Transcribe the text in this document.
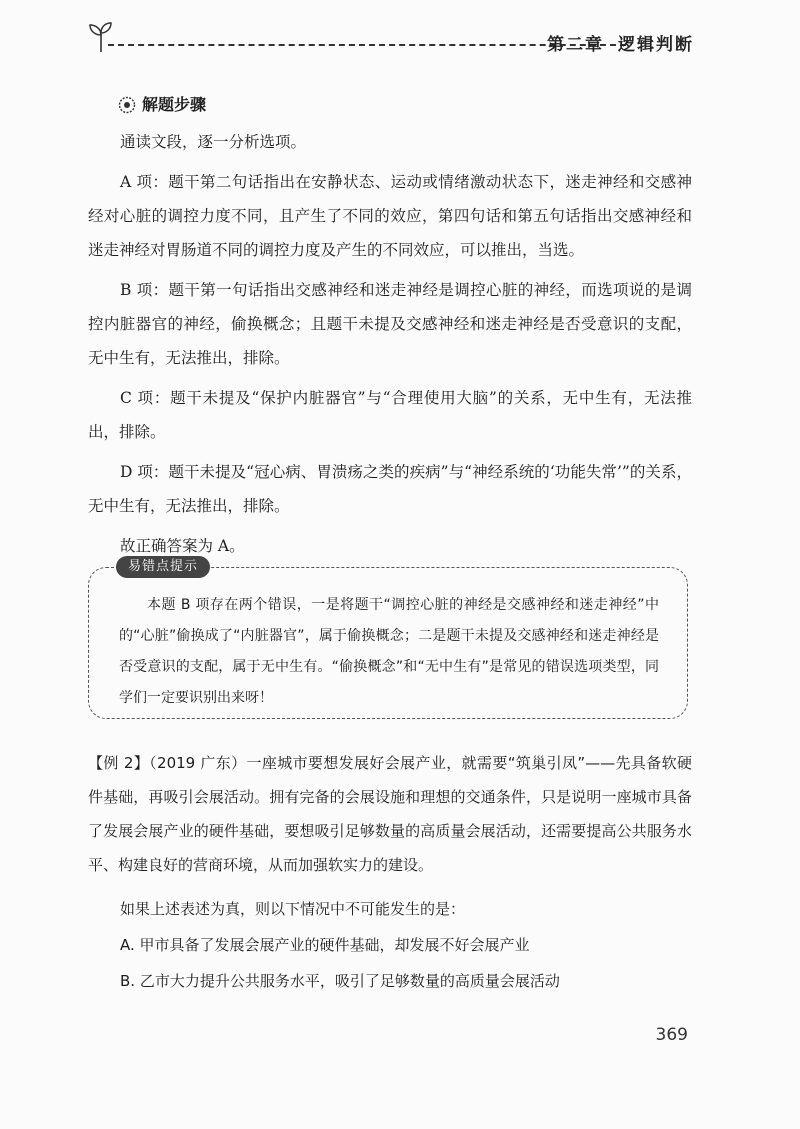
第二章 逻辑判断
解题步骤

通读文段，逐一分析选项。

A 项：题干第二句话指出在安静状态、运动或情绪激动状态下，迷走神经和交感神经对心脏的调控力度不同，且产生了不同的效应，第四句话和第五句话指出交感神经和迷走神经对胃肠道不同的调控力度及产生的不同效应，可以推出，当选。

B 项：题干第一句话指出交感神经和迷走神经是调控心脏的神经，而选项说的是调控内脏器官的神经，偷换概念；且题干未提及交感神经和迷走神经是否受意识的支配，无中生有，无法推出，排除。

C 项：题干未提及“保护内脏器官”与“合理使用大脑”的关系，无中生有，无法推出，排除。

D 项：题干未提及“冠心病、胃溃疡之类的疾病”与“神经系统的‘功能失常’”的关系，无中生有，无法推出，排除。

故正确答案为 A。

易错点提示

本题 B 项存在两个错误，一是将题干“调控心脏的神经是交感神经和迷走神经”中的“心脏”偷换成了“内脏器官”，属于偷换概念；二是题干未提及交感神经和迷走神经是否受意识的支配，属于无中生有。“偷换概念”和“无中生有”是常见的错误选项类型，同学们一定要识别出来呀！

【例 2】（2019 广东）一座城市要想发展好会展产业，就需要“筑巢引凤”——先具备软硬件基础，再吸引会展活动。拥有完备的会展设施和理想的交通条件，只是说明一座城市具备了发展会展产业的硬件基础，要想吸引足够数量的高质量会展活动，还需要提高公共服务水平、构建良好的营商环境，从而加强软实力的建设。

如果上述表述为真，则以下情况中不可能发生的是：

A. 甲市具备了发展会展产业的硬件基础，却发展不好会展产业

B. 乙市大力提升公共服务水平，吸引了足够数量的高质量会展活动

369
